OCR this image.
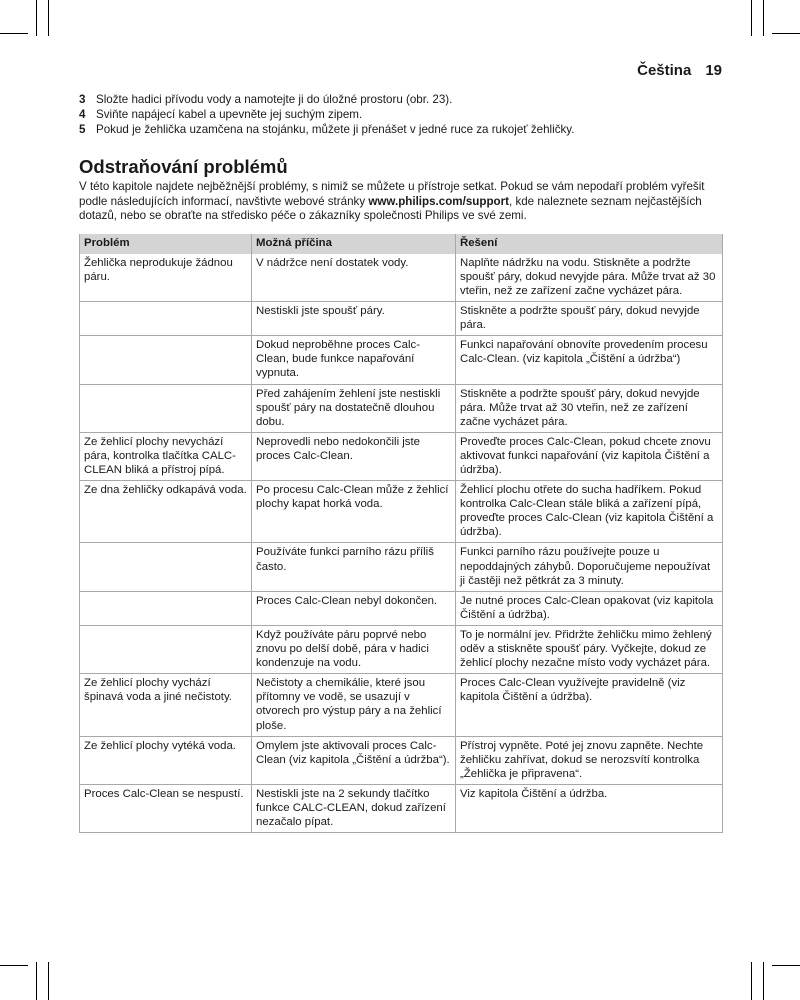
Čeština 19
3 Složte hadici přívodu vody a namotejte ji do úložné prostoru (obr. 23).
4 Sviňte napájecí kabel a upevněte jej suchým zipem.
5 Pokud je žehlička uzamčena na stojánku, můžete ji přenášet v jedné ruce za rukojeť žehličky.
Odstraňování problémů

V této kapitole najdete nejběžnější problémy, s nimiž se můžete u přístroje setkat. Pokud se vám nepodaří problém vyřešit podle následujících informací, navštivte webové stránky www.philips.com/support, kde naleznete seznam nejčastějších dotazů, nebo se obraťte na středisko péče o zákazníky společnosti Philips ve své zemi.

Problém	Možná příčina	Řešení
Žehlička neprodukuje žádnou páru.	V nádržce není dostatek vody.	Naplňte nádržku na vodu. Stiskněte a podržte spoušť páry, dokud nevyjde pára. Může trvat až 30 vteřin, než ze zařízení začne vycházet pára.
	Nestiskli jste spoušť páry.	Stiskněte a podržte spoušť páry, dokud nevyjde pára.
	Dokud neproběhne proces Calc-Clean, bude funkce napařování vypnuta.	Funkci napařování obnovíte provedením procesu Calc-Clean. (viz kapitola „Čištění a údržba“)
	Před zahájením žehlení jste nestiskli spoušť páry na dostatečně dlouhou dobu.	Stiskněte a podržte spoušť páry, dokud nevyjde pára. Může trvat až 30 vteřin, než ze zařízení začne vycházet pára.
Ze žehlicí plochy nevychází pára, kontrolka tlačítka CALC-CLEAN bliká a přístroj pípá.	Neprovedli nebo nedokončili jste proces Calc-Clean.	Proveďte proces Calc-Clean, pokud chcete znovu aktivovat funkci napařování (viz kapitola Čištění a údržba).
Ze dna žehličky odkapává voda.	Po procesu Calc-Clean může z žehlicí plochy kapat horká voda.	Žehlicí plochu otřete do sucha hadříkem. Pokud kontrolka Calc-Clean stále bliká a zařízení pípá, proveďte proces Calc-Clean (viz kapitola Čištění a údržba).
	Používáte funkci parního rázu příliš často.	Funkci parního rázu používejte pouze u nepoddajných záhybů. Doporučujeme nepoužívat ji častěji než pětkrát za 3 minuty.
	Proces Calc-Clean nebyl dokončen.	Je nutné proces Calc-Clean opakovat (viz kapitola Čištění a údržba).
	Když používáte páru poprvé nebo znovu po delší době, pára v hadici kondenzuje na vodu.	To je normální jev. Přidržte žehličku mimo žehlený oděv a stiskněte spoušť páry. Vyčkejte, dokud ze žehlicí plochy nezačne místo vody vycházet pára.
Ze žehlicí plochy vychází špinavá voda a jiné nečistoty.	Nečistoty a chemikálie, které jsou přítomny ve vodě, se usazují v otvorech pro výstup páry a na žehlicí ploše.	Proces Calc-Clean využívejte pravidelně (viz kapitola Čištění a údržba).
Ze žehlicí plochy vytéká voda.	Omylem jste aktivovali proces Calc-Clean (viz kapitola „Čištění a údržba“).	Přístroj vypněte. Poté jej znovu zapněte. Nechte žehličku zahřívat, dokud se nerozsvítí kontrolka „Žehlička je připravena“.
Proces Calc-Clean se nespustí.	Nestiskli jste na 2 sekundy tlačítko funkce CALC-CLEAN, dokud zařízení nezačalo pípat.	Viz kapitola Čištění a údržba.
